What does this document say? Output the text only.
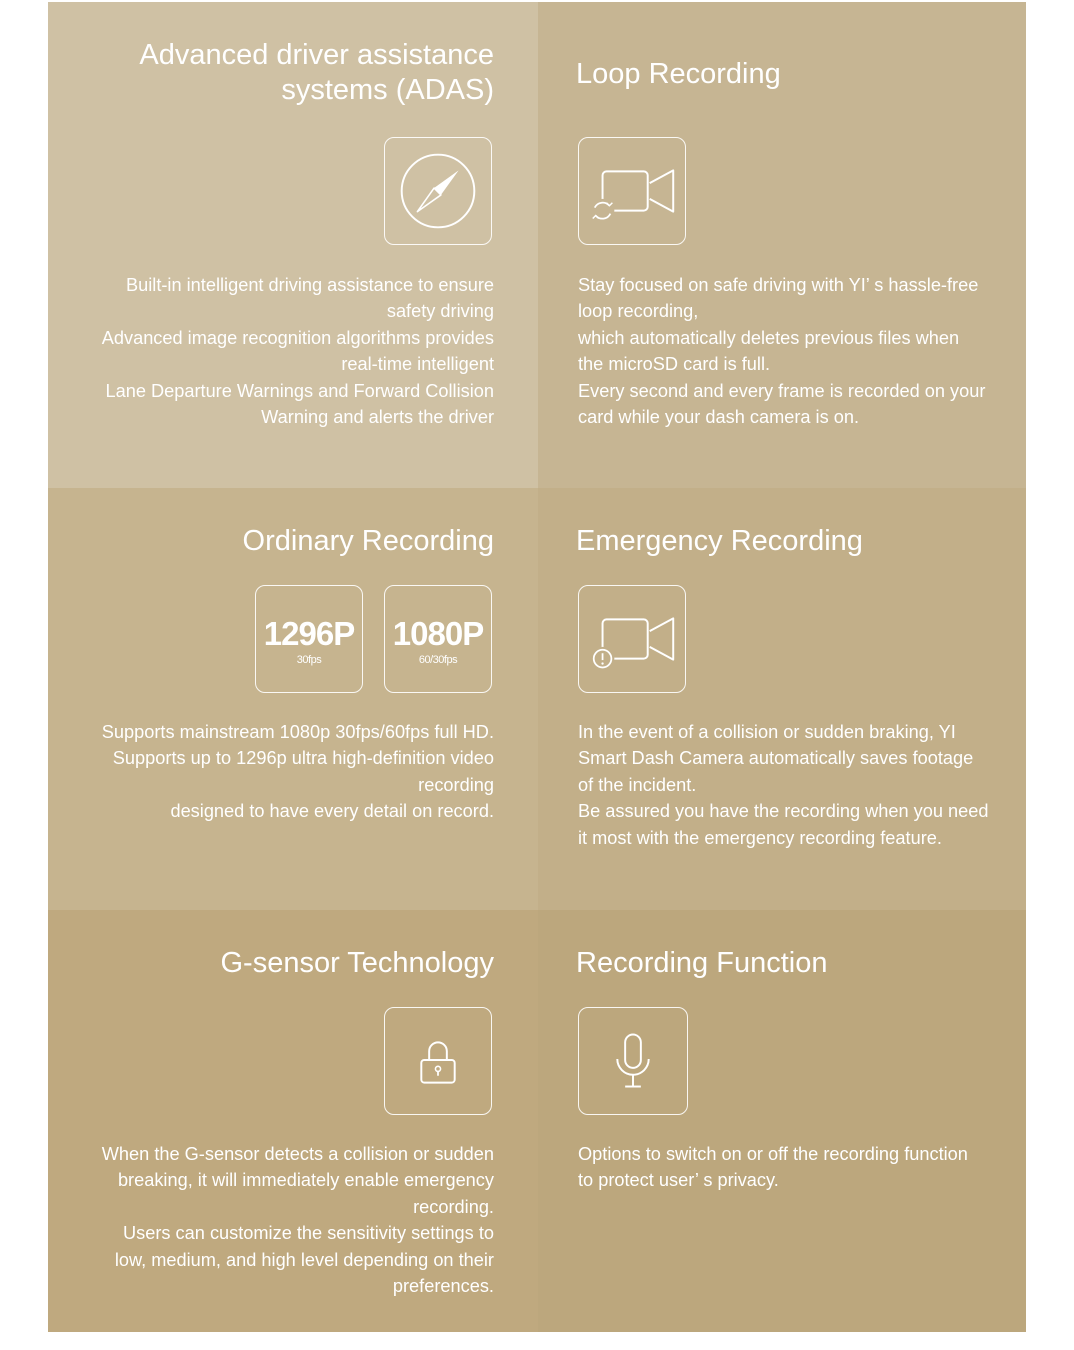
Advanced driver assistance
systems (ADAS)

Built-in intelligent driving assistance to ensure

safety driving

Advanced image recognition algorithms provides

real-time intelligent

Lane Departure Warnings and Forward Collision

Warning and alerts the driver

Loop Recording

Stay focused on safe driving with YI’ s hassle-free

loop recording,

which automatically deletes previous files when

the microSD card is full.

Every second and every frame is recorded on your

card while your dash camera is on.

Ordinary Recording
1296P
30fps
1080P
60/30fps

Supports mainstream 1080p 30fps/60fps full HD.

Supports up to 1296p ultra high-definition video

recording

designed to have every detail on record.

Emergency Recording

In the event of a collision or sudden braking, YI

Smart Dash Camera automatically saves footage

of the incident.

Be assured you have the recording when you need

it most with the emergency recording feature.

G-sensor Technology

When the G-sensor detects a collision or sudden

breaking, it will immediately enable emergency

recording.

Users can customize the sensitivity settings to

low, medium, and high level depending on their

preferences.

Recording Function

Options to switch on or off the recording function

to protect user’ s privacy.
